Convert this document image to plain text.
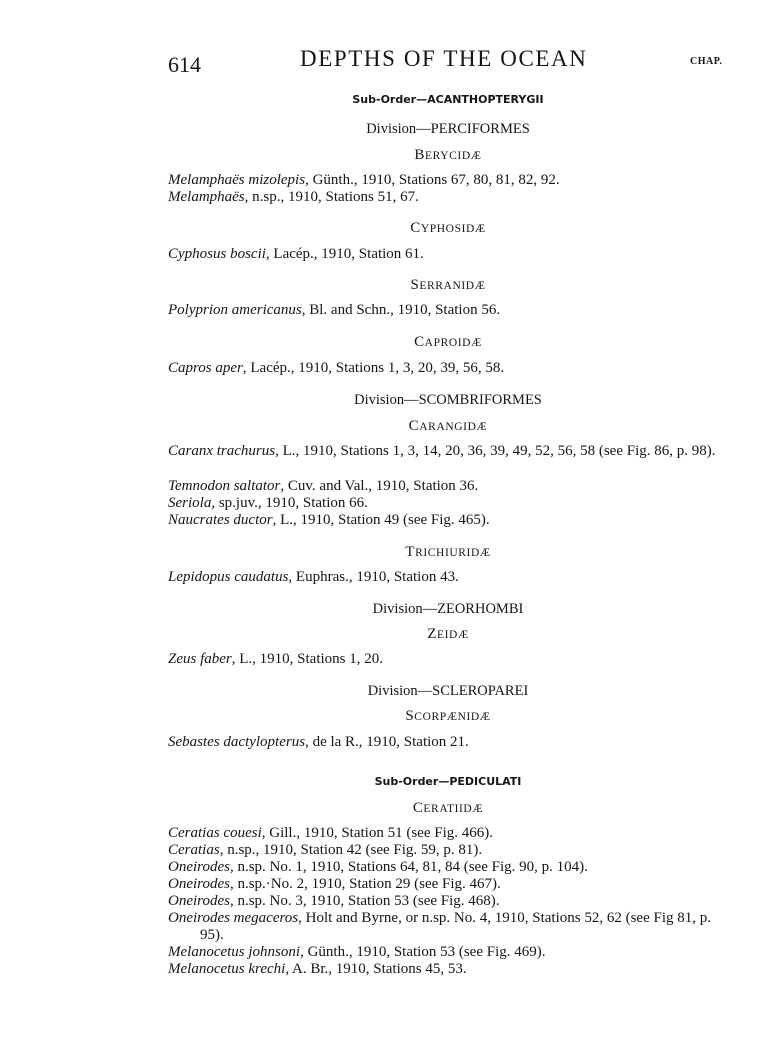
614	DEPTHS OF THE OCEAN	CHAP.
Sub-Order—ACANTHOPTERYGII
Division—PERCIFORMES
BERYCIDÆ
Melamphaës mizolepis, Günth., 1910, Stations 67, 80, 81, 82, 92.
Melamphaës, n.sp., 1910, Stations 51, 67.
CYPHOSIDÆ
Cyphosus boscii, Lacép., 1910, Station 61.
SERRANIDÆ
Polyprion americanus, Bl. and Schn., 1910, Station 56.
CAPROIDÆ
Capros aper, Lacép., 1910, Stations 1, 3, 20, 39, 56, 58.
Division—SCOMBRIFORMES
CARANGIDÆ
Caranx trachurus, L., 1910, Stations 1, 3, 14, 20, 36, 39, 49, 52, 56, 58 (see Fig. 86, p. 98).
Temnodon saltator, Cuv. and Val., 1910, Station 36.
Seriola, sp.juv., 1910, Station 66.
Naucrates ductor, L., 1910, Station 49 (see Fig. 465).
TRICHIURIDÆ
Lepidopus caudatus, Euphras., 1910, Station 43.
Division—ZEORHOMBI
ZEIDÆ
Zeus faber, L., 1910, Stations 1, 20.
Division—SCLEROPAREI
SCORPÆNIDÆ
Sebastes dactylopterus, de la R., 1910, Station 21.
Sub-Order—PEDICULATI
CERATIIDÆ
Ceratias couesi, Gill., 1910, Station 51 (see Fig. 466).
Ceratias, n.sp., 1910, Station 42 (see Fig. 59, p. 81).
Oneirodes, n.sp. No. 1, 1910, Stations 64, 81, 84 (see Fig. 90, p. 104).
Oneirodes, n.sp.·No. 2, 1910, Station 29 (see Fig. 467).
Oneirodes, n.sp. No. 3, 1910, Station 53 (see Fig. 468).
Oneirodes megaceros, Holt and Byrne, or n.sp. No. 4, 1910, Stations 52, 62 (see Fig 81, p. 95).
Melanocetus johnsoni, Günth., 1910, Station 53 (see Fig. 469).
Melanocetus krechi, A. Br., 1910, Stations 45, 53.
